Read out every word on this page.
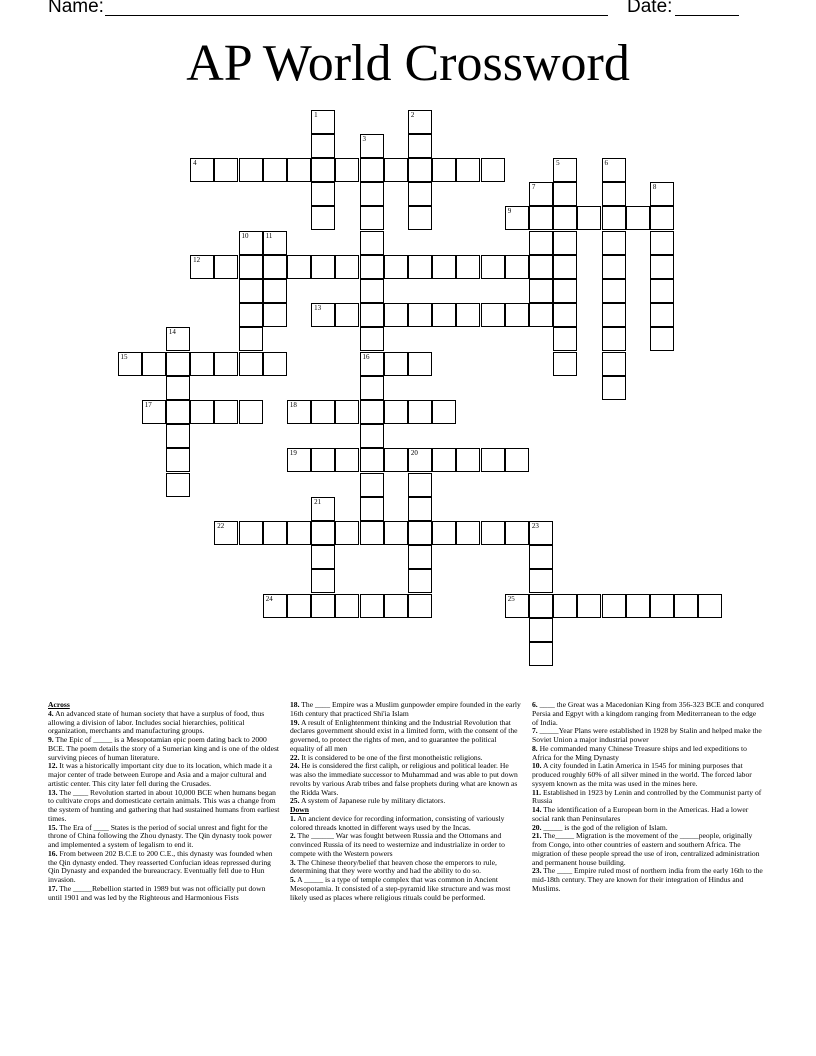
Name:	Date:
AP World Crossword
1	2
3
16
4	5	6
7	8
9
10 11
12
13
14
15
17	18
19	20
21
22	23
24	25

Across

4. An advanced state of human society that have a surplus of food, thus allowing a division of labor. Includes social hierarchies, political organization, merchants and manufacturing groups.

9. The Epic of _____ is a Mesopotamian epic poem dating back to 2000 BCE. The poem details the story of a Sumerian king and is one of the oldest surviving pieces of human literature.

12. It was a historically important city due to its location, which made it a major center of trade between Europe and Asia and a major cultural and artistic center. This city later fell during the Crusades.

13. The ____ Revolution started in about 10,000 BCE when humans began to cultivate crops and domesticate certain animals. This was a change from the system of hunting and gathering that had sustained humans from earliest times.

15. The Era of ____ States is the period of social unrest and fight for the throne of China following the Zhou dynasty. The Qin dynasty took power and implemented a system of legalism to end it.

16. From between 202 B.C.E to 200 C.E., this dynasty was founded when the Qin dynasty ended. They reasserted Confucian ideas repressed during Qin Dynasty and expanded the bureaucracy. Eventually fell due to Hun invasion.

17. The _____Rebellion started in 1989 but was not officially put down until 1901 and was led by the Righteous and Harmonious Fists

18. The ____ Empire was a Muslim gunpowder empire founded in the early 16th century that practiced Shi'ia Islam

19. A result of Enlightenment thinking and the Industrial Revolution that declares government should exist in a limited form, with the consent of the governed, to protect the rights of men, and to guarantee the political equality of all men

22. It is considered to be one of the first monotheistic religions.

24. He is considered the first caliph, or religious and political leader. He was also the immediate successor to Muhammad and was able to put down revolts by various Arab tribes and false prophets during what are known as the Ridda Wars.

25. A system of Japanese rule by military dictators.

Down

1. An ancient device for recording information, consisting of variously colored threads knotted in different ways used by the Incas.

2. The ______ War was fought between Russia and the Ottomans and convinced Russia of its need to westernize and industrialize in order to compete with the Western powers

3. The Chinese theory/belief that heaven chose the emperors to rule, determining that they were worthy and had the ability to do so.

5. A _____ is a type of temple complex that was common in Ancient Mesopotamia. It consisted of a step-pyramid like structure and was most likely used as places where religious rituals could be performed.

6. ____ the Great was a Macedonian King from 356-323 BCE and conqured Persia and Egpyt with a kingdom ranging from Mediterranean to the edge of India.

7. _____Year Plans were established in 1928 by Stalin and helped make the Soviet Union a major industrial power

8. He commanded many Chinese Treasure ships and led expeditions to Africa for the Ming Dynasty

10. A city founded in Latin America in 1545 for mining purposes that produced roughly 60% of all silver mined in the world. The forced labor sysyem known as the mita was used in the mines here.

11. Established in 1923 by Lenin and controlled by the Communist party of Russia

14. The identification of a European born in the Americas. Had a lower social rank than Peninsulares

20. _____ is the god of the religion of Islam.

21. The_____ Migration is the movement of the _____people, originally from Congo, into other countries of eastern and southern Africa. The migration of these people spread the use of iron, centralized administration and permanent house building.

23. The ____ Empire ruled most of northern india from the early 16th to the mid-18th century. They are known for their integration of Hindus and Muslims.
